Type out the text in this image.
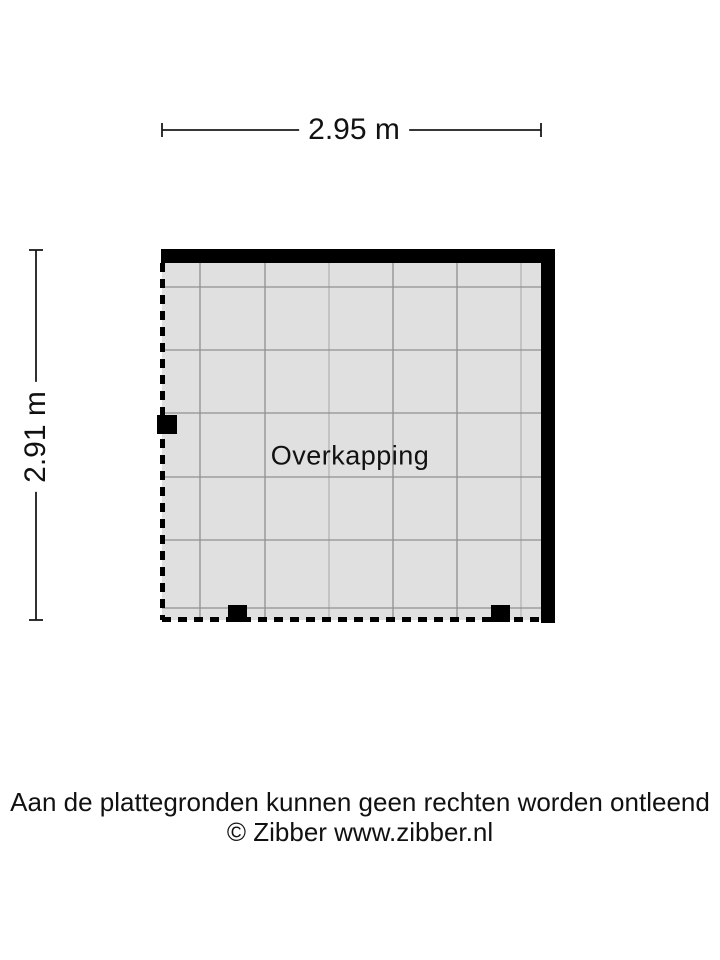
2.95 m
2.91 m	Overkapping
Aan de plattegronden kunnen geen rechten worden ontleend
© Zibber www.zibber.nl
